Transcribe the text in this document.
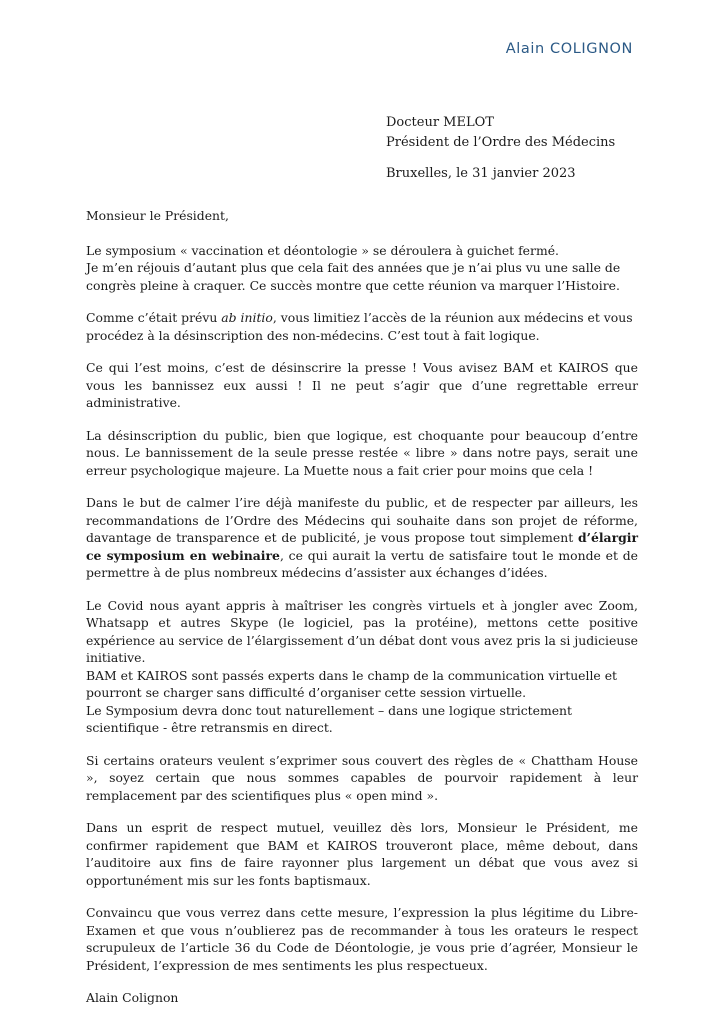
Alain COLIGNON
Docteur MELOT
Président de l’Ordre des Médecins
Bruxelles, le 31 janvier 2023

Monsieur le Président,

Le symposium « vaccination et déontologie » se déroulera à guichet fermé.
Je m’en réjouis d’autant plus que cela fait des années que je n’ai plus vu une salle de congrès pleine à craquer. Ce succès montre que cette réunion va marquer l’Histoire.

Comme c’était prévu ab initio, vous limitiez l’accès de la réunion aux médecins et vous procédez à la désinscription des non-médecins. C’est tout à fait logique.

Ce qui l’est moins, c’est de désinscrire la presse ! Vous avisez BAM et KAIROS que vous les bannissez eux aussi ! Il ne peut s’agir que d’une regrettable erreur administrative.

La désinscription du public, bien que logique, est choquante pour beaucoup d’entre nous. Le bannissement de la seule presse restée « libre » dans notre pays, serait une erreur psychologique majeure. La Muette nous a fait crier pour moins que cela !

Dans le but de calmer l’ire déjà manifeste du public, et de respecter par ailleurs, les recommandations de l’Ordre des Médecins qui souhaite dans son projet de réforme, davantage de transparence et de publicité, je vous propose tout simplement d’élargir ce symposium en webinaire, ce qui aurait la vertu de satisfaire tout le monde et de permettre à de plus nombreux médecins d’assister aux échanges d’idées.

Le Covid nous ayant appris à maîtriser les congrès virtuels et à jongler avec Zoom, Whatsapp et autres Skype (le logiciel, pas la protéine), mettons cette positive expérience au service de l’élargissement d’un débat dont vous avez pris la si judicieuse initiative.
BAM et KAIROS sont passés experts dans le champ de la communication virtuelle et pourront se charger sans difficulté d’organiser cette session virtuelle.
Le Symposium devra donc tout naturellement – dans une logique strictement scientifique - être retransmis en direct.

Si certains orateurs veulent s’exprimer sous couvert des règles de « Chattham House », soyez certain que nous sommes capables de pourvoir rapidement à leur remplacement par des scientifiques plus « open mind ».

Dans un esprit de respect mutuel, veuillez dès lors, Monsieur le Président, me confirmer rapidement que BAM et KAIROS trouveront place, même debout, dans l’auditoire aux fins de faire rayonner plus largement un débat que vous avez si opportunément mis sur les fonts baptismaux.

Convaincu que vous verrez dans cette mesure, l’expression la plus légitime du Libre-Examen et que vous n’oublierez pas de recommander à tous les orateurs le respect scrupuleux de l’article 36 du Code de Déontologie, je vous prie d’agréer, Monsieur le Président, l’expression de mes sentiments les plus respectueux.

Alain Colignon
